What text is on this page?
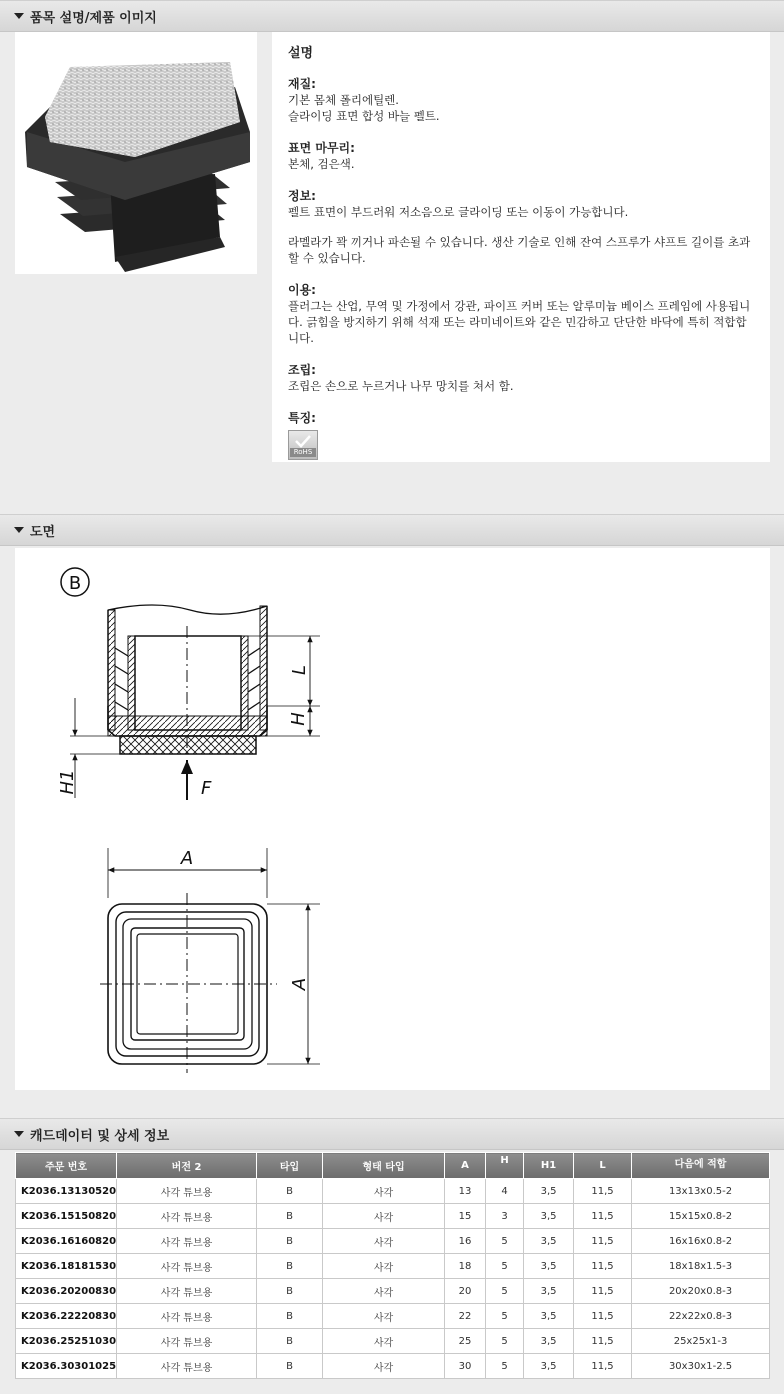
품목 설명/제품 이미지
설명
재질:
기본 몸체 폴리에틸렌.
슬라이딩 표면 합성 바늘 펠트.
표면 마무리:
본체, 검은색.
정보:
펠트 표면이 부드러워 저소음으로 글라이딩 또는 이동이 가능합니다.
라멜라가 꽉 끼거나 파손될 수 있습니다. 생산 기술로 인해 잔여 스프루가 샤프트 길이를 초과할 수 있습니다.
이용:
플러그는 산업, 무역 및 가정에서 강관, 파이프 커버 또는 알루미늄 베이스 프레임에 사용됩니다. 긁힘을 방지하기 위해 석재 또는 라미네이트와 같은 민감하고 단단한 바닥에 특히 적합합니다.
조립:
조립은 손으로 누르거나 나무 망치를 쳐서 함.
특징:
RoHS
도면
B
L
H
H1	F
A
A
캐드데이터 및 상세 정보
주문 번호	버전 2	타입	형태 타입	A	H	H1	L	다음에 적합
K2036.13130520	사각 튜브용	B	사각	13	4	3,5	11,5	13x13x0.5-2
K2036.15150820	사각 튜브용	B	사각	15	3	3,5	11,5	15x15x0.8-2
K2036.16160820	사각 튜브용	B	사각	16	5	3,5	11,5	16x16x0.8-2
K2036.18181530	사각 튜브용	B	사각	18	5	3,5	11,5	18x18x1.5-3
K2036.20200830	사각 튜브용	B	사각	20	5	3,5	11,5	20x20x0.8-3
K2036.22220830	사각 튜브용	B	사각	22	5	3,5	11,5	22x22x0.8-3
K2036.25251030	사각 튜브용	B	사각	25	5	3,5	11,5	25x25x1-3
K2036.30301025	사각 튜브용	B	사각	30	5	3,5	11,5	30x30x1-2.5
